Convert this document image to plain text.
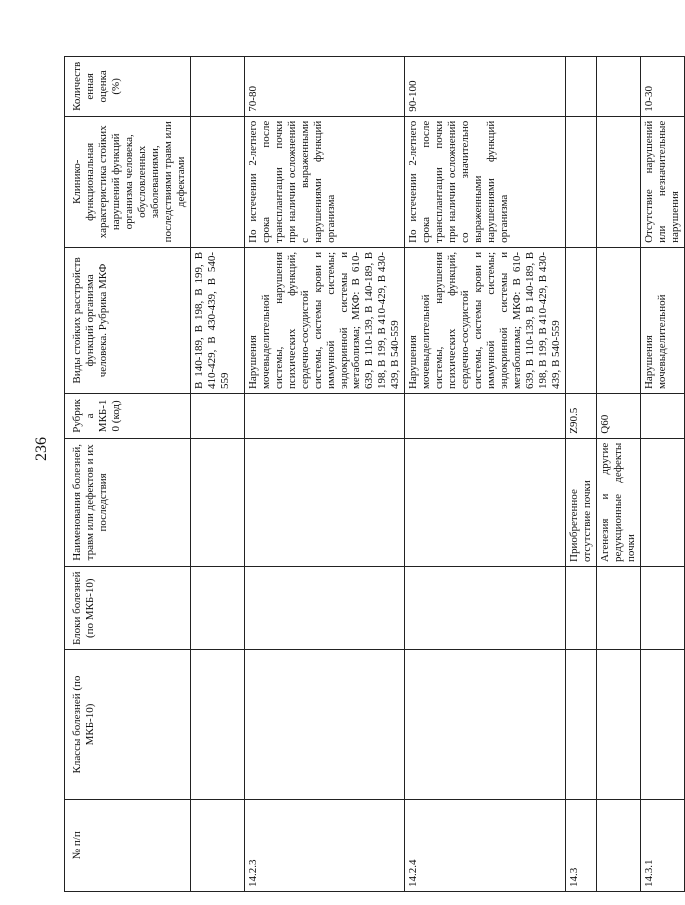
236
№ п/п	Классы болезней (по МКБ-10)	Блоки болезней (по МКБ-10)	Наименования болезней, травм или дефектов и их последствия	Рубрика МКБ-10 (код)	Виды стойких расстройств функций организма человека. Рубрика МКФ	Клинико-функциональная характеристика стойких нарушений функций организма человека, обусловленных заболеваниями, последствиями травм или дефектами	Количественная оценка (%)
					В 140-189, В 198, В 199, В 410-429, В 430-439, В 540-559		
14.2.3					Нарушения мочевыделительной системы, нарушения психических функций, сердечно-сосудистой системы, системы крови и иммунной системы; эндокринной системы и метаболизма; МКФ: В 610-639, В 110-139, В 140-189, В 198, В 199, В 410-429, В 430-439, В 540-559	По истечении 2-летнего срока после трансплантации почки при наличии осложнений с выраженными нарушениями функций организма	70-80
14.2.4					Нарушения мочевыделительной системы, нарушения психических функций, сердечно-сосудистой системы, системы крови и иммунной системы; эндокринной системы и метаболизма; МКФ: В 610-639, В 110-139, В 140-189, В 198, В 199, В 410-429, В 430-439, В 540-559	По истечении 2-летнего срока после трансплантации почки при наличии осложнений со значительно выраженными нарушениями функций организма	90-100
14.3			Приобретенное отсутствие почки	Z90.5			
			Агенезия и другие редукционные дефекты почки	Q60			
14.3.1					Нарушения мочевыделительной	Отсутствие нарушений или незначительные нарушения	10-30
